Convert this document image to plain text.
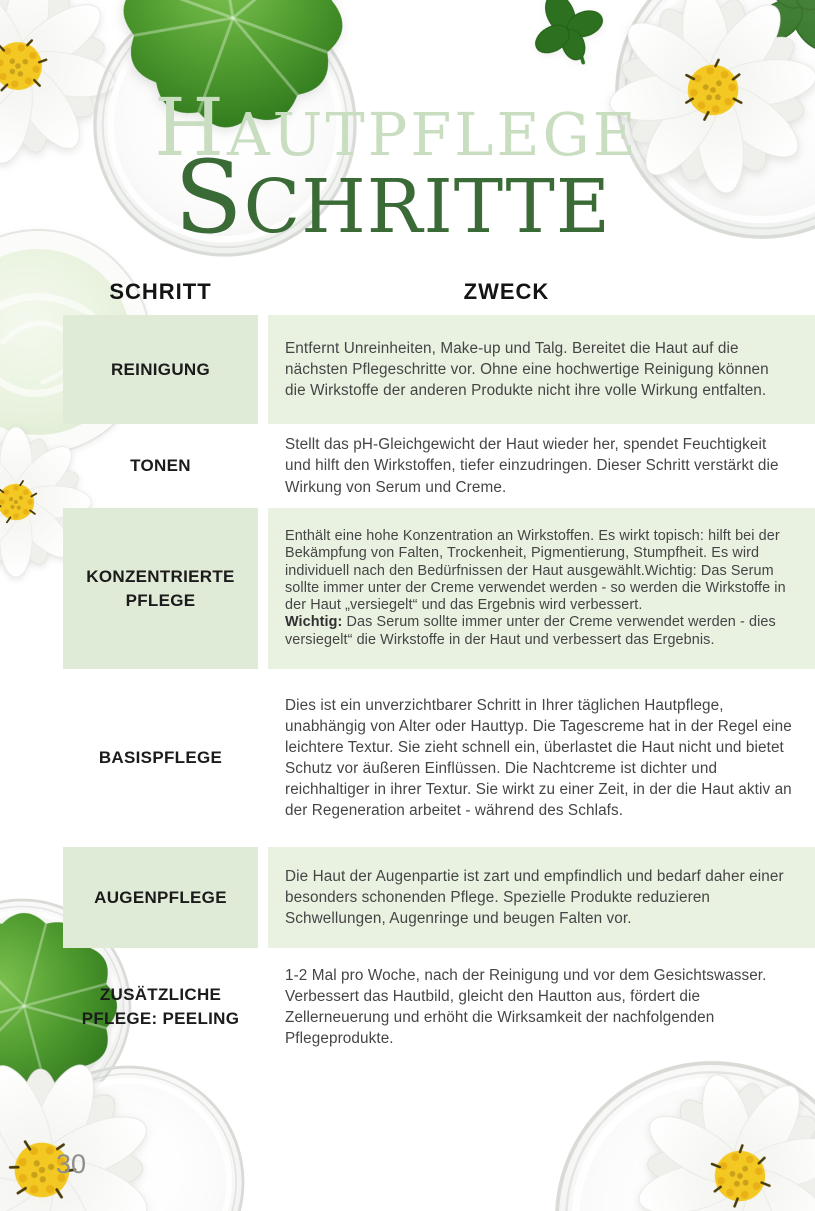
HAUTPFLEGE
SCHRITTE
SCHRITT	ZWECK
REINIGUNG

Entfernt Unreinheiten, Make-up und Talg. Bereitet die Haut auf die nächsten Pflegeschritte vor. Ohne eine hochwertige Reinigung können die Wirkstoffe der anderen Produkte nicht ihre volle Wirkung entfalten.

TONEN

Stellt das pH-Gleichgewicht der Haut wieder her, spendet Feuchtigkeit und hilft den Wirkstoffen, tiefer einzudringen. Dieser Schritt verstärkt die Wirkung von Serum und Creme.

KONZENTRIERTE PFLEGE

Enthält eine hohe Konzentration an Wirkstoffen. Es wirkt topisch: hilft bei der Bekämpfung von Falten, Trockenheit, Pigmentierung, Stumpfheit. Es wird individuell nach den Bedürfnissen der Haut ausgewählt.Wichtig: Das Serum sollte immer unter der Creme verwendet werden - so werden die Wirkstoffe in der Haut „versiegelt“ und das Ergebnis wird verbessert.

Wichtig: Das Serum sollte immer unter der Creme verwendet werden - dies versiegelt“ die Wirkstoffe in der Haut und verbessert das Ergebnis.

BASISPFLEGE

Dies ist ein unverzichtbarer Schritt in Ihrer täglichen Hautpflege, unabhängig von Alter oder Hauttyp. Die Tagescreme hat in der Regel eine leichtere Textur. Sie zieht schnell ein, überlastet die Haut nicht und bietet Schutz vor äußeren Einflüssen. Die Nachtcreme ist dichter und reichhaltiger in ihrer Textur. Sie wirkt zu einer Zeit, in der die Haut aktiv an der Regeneration arbeitet - während des Schlafs.

AUGENPFLEGE

Die Haut der Augenpartie ist zart und empfindlich und bedarf daher einer besonders schonenden Pflege. Spezielle Produkte reduzieren Schwellungen, Augenringe und beugen Falten vor.

ZUSÄTZLICHE PFLEGE: PEELING

1-2 Mal pro Woche, nach der Reinigung und vor dem Gesichtswasser. Verbessert das Hautbild, gleicht den Hautton aus, fördert die Zellerneuerung und erhöht die Wirksamkeit der nachfolgenden Pflegeprodukte.

30
